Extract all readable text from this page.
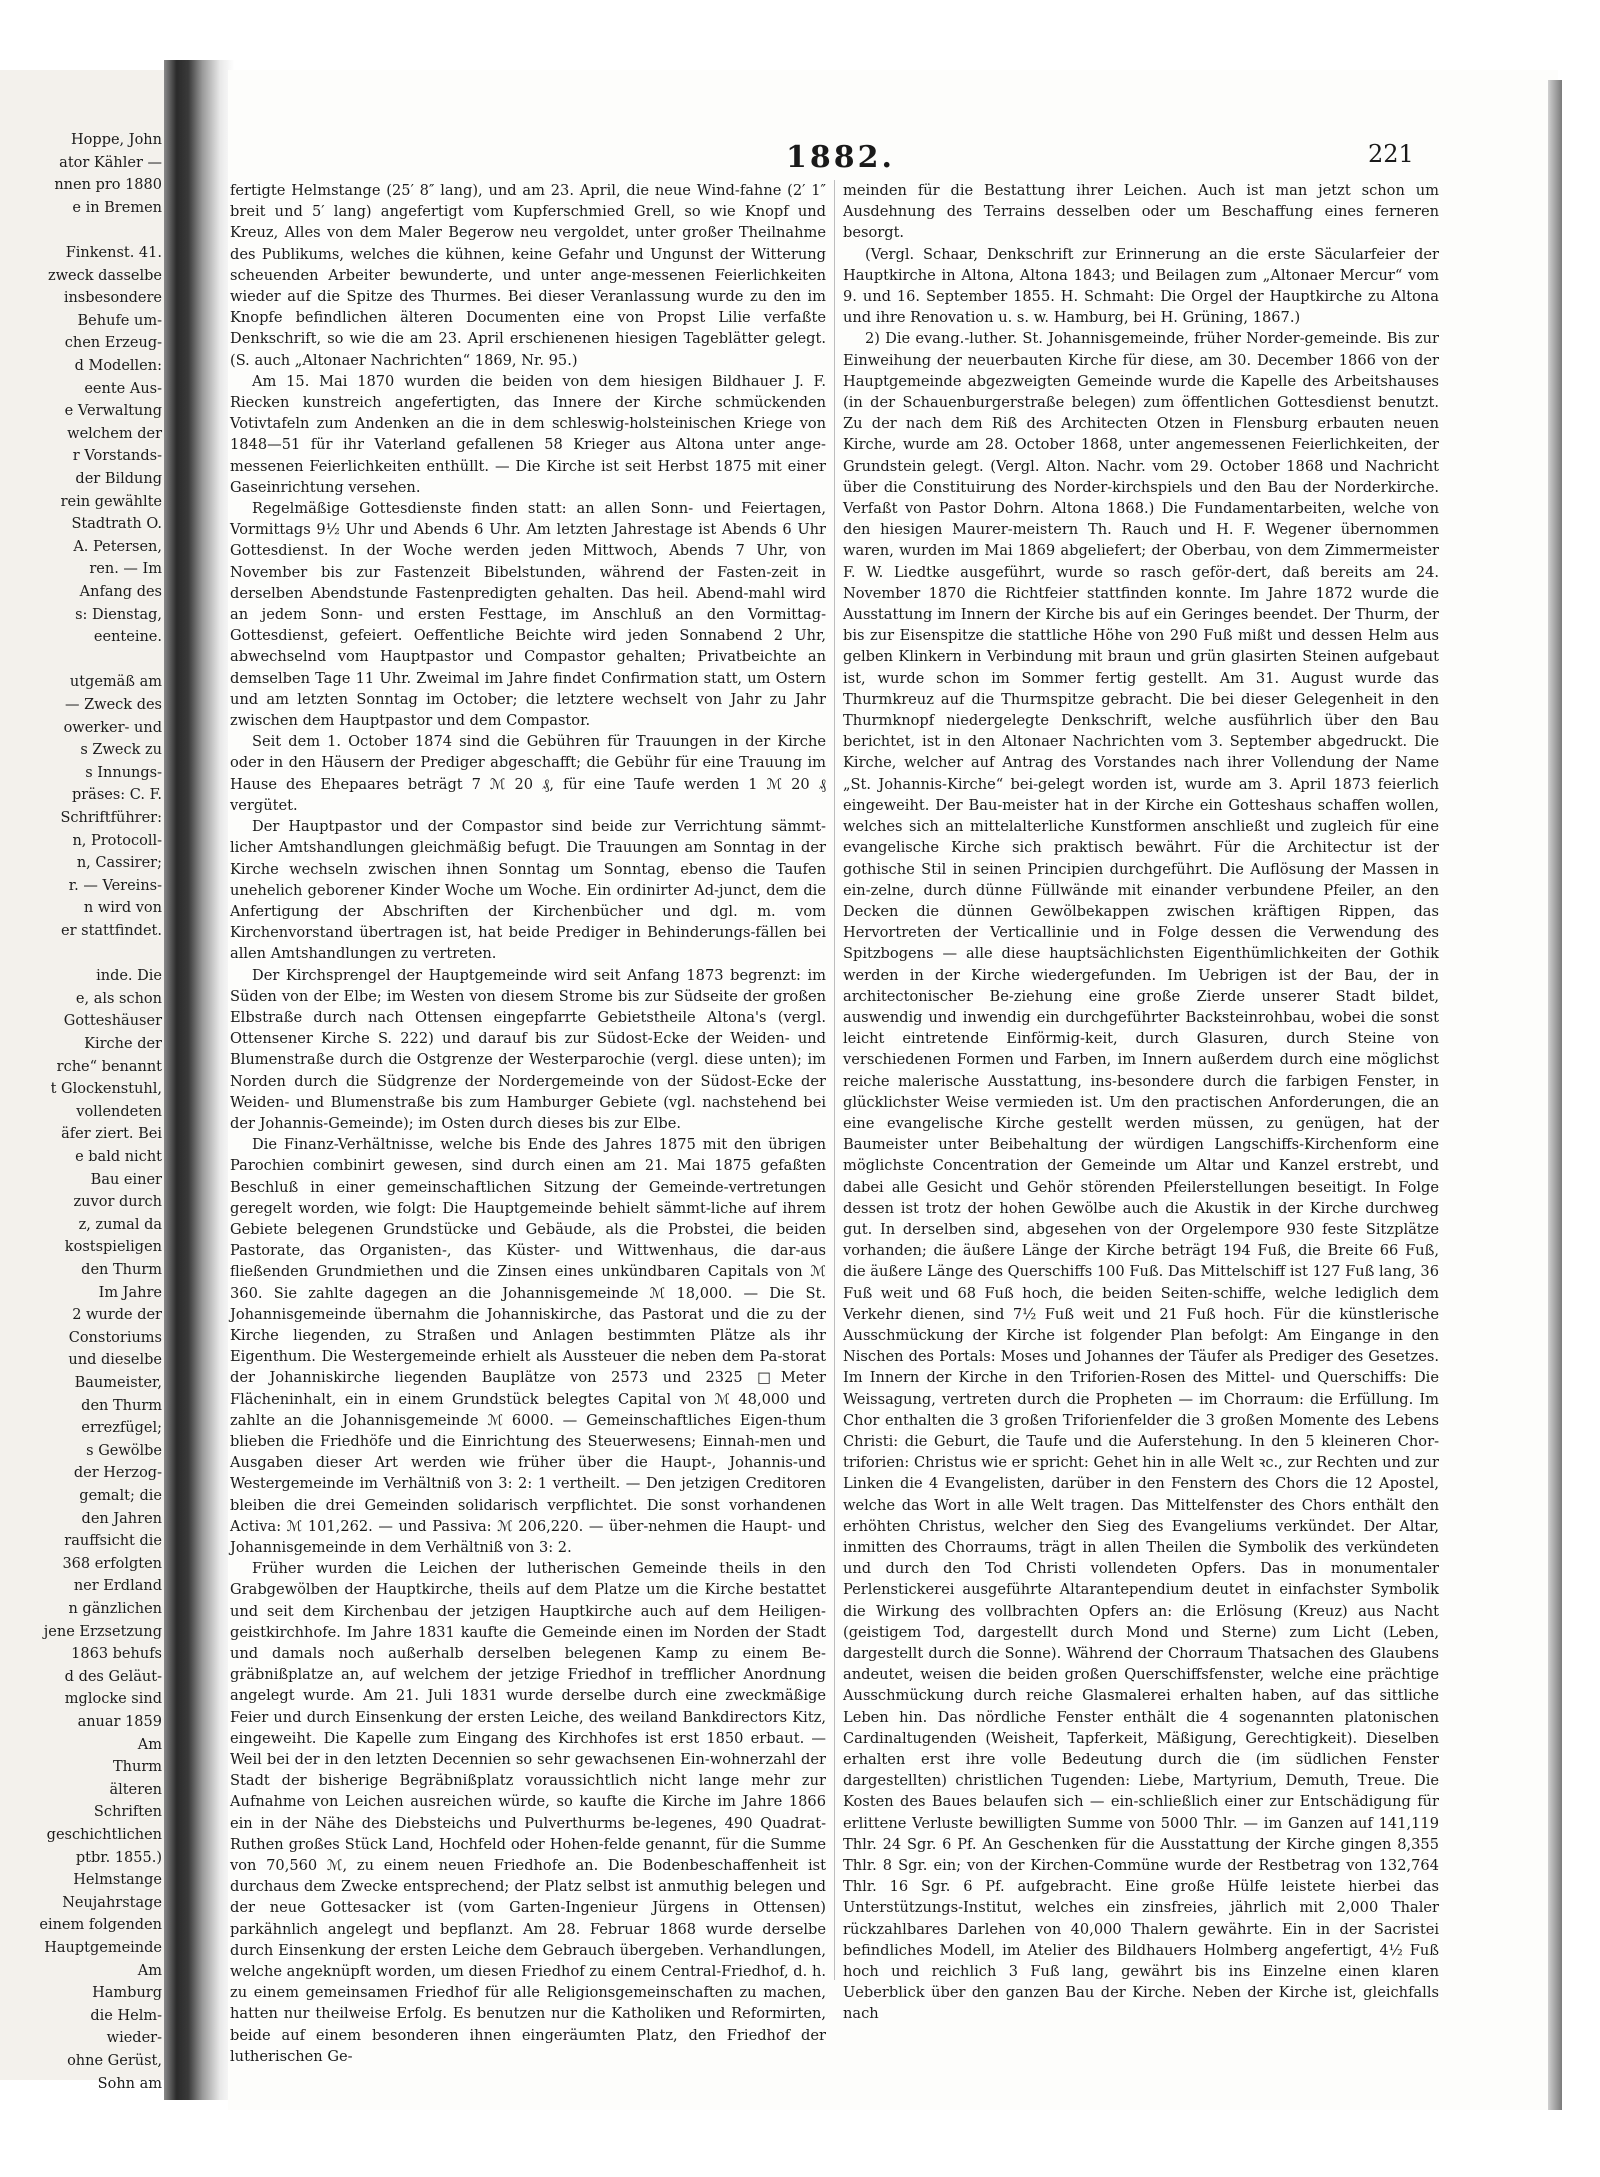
Hoppe, John
ator Kähler —
nnen pro 1880
e in Bremen
Finkenst. 41.
zweck dasselbe
insbesondere
Behufe um-
chen Erzeug-
d Modellen:
eente Aus-
e Verwaltung
welchem der
r Vorstands-
der Bildung
rein gewählte
Stadtrath O.
A. Petersen,
ren. — Im
Anfang des
s: Dienstag,
eenteine.
utgemäß am
— Zweck des
owerker- und
s Zweck zu
s Innungs-
präses: C. F.
Schriftführer:
n, Protocoll-
n, Cassirer;
r. — Vereins-
n wird von
er stattfindet.
inde. Die
e, als schon
Gotteshäuser
Kirche der
rche“ benannt
t Glockenstuhl,
vollendeten
äfer ziert. Bei
e bald nicht
Bau einer
zuvor durch
z, zumal da
kostspieligen
den Thurm
Im Jahre
2 wurde der
Constoriums
und dieselbe
Baumeister,
den Thurm
errezfügel;
s Gewölbe
der Herzog-
gemalt; die
den Jahren
rauffsicht die
368 erfolgten
ner Erdland
n gänzlichen
jene Erzsetzung
1863 behufs
d des Geläut-
mglocke sind
anuar 1859
Am
Thurm
älteren
Schriften
geschichtlichen
ptbr. 1855.)
Helmstange
Neujahrstage
einem folgenden
Hauptgemeinde
Am
Hamburg
die Helm-
wieder-
ohne Gerüst,
Sohn am
1882.	221

fertigte Helmstange (25′ 8″ lang), und am 23. April, die neue Wind-fahne (2′ 1″ breit und 5′ lang) angefertigt vom Kupferschmied Grell, so wie Knopf und Kreuz, Alles von dem Maler Begerow neu vergoldet, unter großer Theilnahme des Publikums, welches die kühnen, keine Gefahr und Ungunst der Witterung scheuenden Arbeiter bewunderte, und unter ange-messenen Feierlichkeiten wieder auf die Spitze des Thurmes. Bei dieser Veranlassung wurde zu den im Knopfe befindlichen älteren Documenten eine von Propst Lilie verfaßte Denkschrift, so wie die am 23. April erschienenen hiesigen Tageblätter gelegt. (S. auch „Altonaer Nachrichten“ 1869, Nr. 95.)

Am 15. Mai 1870 wurden die beiden von dem hiesigen Bildhauer J. F. Riecken kunstreich angefertigten, das Innere der Kirche schmückenden Votivtafeln zum Andenken an die in dem schleswig-holsteinischen Kriege von 1848—51 für ihr Vaterland gefallenen 58 Krieger aus Altona unter ange-messenen Feierlichkeiten enthüllt. — Die Kirche ist seit Herbst 1875 mit einer Gaseinrichtung versehen.

Regelmäßige Gottesdienste finden statt: an allen Sonn- und Feiertagen, Vormittags 9½ Uhr und Abends 6 Uhr. Am letzten Jahrestage ist Abends 6 Uhr Gottesdienst. In der Woche werden jeden Mittwoch, Abends 7 Uhr, von November bis zur Fastenzeit Bibelstunden, während der Fasten-zeit in derselben Abendstunde Fastenpredigten gehalten. Das heil. Abend-mahl wird an jedem Sonn- und ersten Festtage, im Anschluß an den Vormittag-Gottesdienst, gefeiert. Oeffentliche Beichte wird jeden Sonnabend 2 Uhr, abwechselnd vom Hauptpastor und Compastor gehalten; Privatbeichte an demselben Tage 11 Uhr. Zweimal im Jahre findet Confirmation statt, um Ostern und am letzten Sonntag im October; die letztere wechselt von Jahr zu Jahr zwischen dem Hauptpastor und dem Compastor.

Seit dem 1. October 1874 sind die Gebühren für Trauungen in der Kirche oder in den Häusern der Prediger abgeschafft; die Gebühr für eine Trauung im Hause des Ehepaares beträgt 7 ℳ 20 ₰, für eine Taufe werden 1 ℳ 20 ₰ vergütet.

Der Hauptpastor und der Compastor sind beide zur Verrichtung sämmt-licher Amtshandlungen gleichmäßig befugt. Die Trauungen am Sonntag in der Kirche wechseln zwischen ihnen Sonntag um Sonntag, ebenso die Taufen unehelich geborener Kinder Woche um Woche. Ein ordinirter Ad-junct, dem die Anfertigung der Abschriften der Kirchenbücher und dgl. m. vom Kirchenvorstand übertragen ist, hat beide Prediger in Behinderungs-fällen bei allen Amtshandlungen zu vertreten.

Der Kirchsprengel der Hauptgemeinde wird seit Anfang 1873 begrenzt: im Süden von der Elbe; im Westen von diesem Strome bis zur Südseite der großen Elbstraße durch nach Ottensen eingepfarrte Gebietstheile Altona's (vergl. Ottensener Kirche S. 222) und darauf bis zur Südost-Ecke der Weiden- und Blumenstraße durch die Ostgrenze der Westerparochie (vergl. diese unten); im Norden durch die Südgrenze der Nordergemeinde von der Südost-Ecke der Weiden- und Blumenstraße bis zum Hamburger Gebiete (vgl. nachstehend bei der Johannis-Gemeinde); im Osten durch dieses bis zur Elbe.

Die Finanz-Verhältnisse, welche bis Ende des Jahres 1875 mit den übrigen Parochien combinirt gewesen, sind durch einen am 21. Mai 1875 gefaßten Beschluß in einer gemeinschaftlichen Sitzung der Gemeinde-vertretungen geregelt worden, wie folgt: Die Hauptgemeinde behielt sämmt-liche auf ihrem Gebiete belegenen Grundstücke und Gebäude, als die Probstei, die beiden Pastorate, das Organisten-, das Küster- und Wittwenhaus, die dar-aus fließenden Grundmiethen und die Zinsen eines unkündbaren Capitals von ℳ 360. Sie zahlte dagegen an die Johannisgemeinde ℳ 18,000. — Die St. Johannisgemeinde übernahm die Johanniskirche, das Pastorat und die zu der Kirche liegenden, zu Straßen und Anlagen bestimmten Plätze als ihr Eigenthum. Die Westergemeinde erhielt als Aussteuer die neben dem Pa-storat der Johanniskirche liegenden Bauplätze von 2573 und 2325 □Meter Flächeninhalt, ein in einem Grundstück belegtes Capital von ℳ 48,000 und zahlte an die Johannisgemeinde ℳ 6000. — Gemeinschaftliches Eigen-thum blieben die Friedhöfe und die Einrichtung des Steuerwesens; Einnah-men und Ausgaben dieser Art werden wie früher über die Haupt-, Johannis-und Westergemeinde im Verhältniß von 3: 2: 1 vertheilt. — Den jetzigen Creditoren bleiben die drei Gemeinden solidarisch verpflichtet. Die sonst vorhandenen Activa: ℳ 101,262. — und Passiva: ℳ 206,220. — über-nehmen die Haupt- und Johannisgemeinde in dem Verhältniß von 3: 2.

Früher wurden die Leichen der lutherischen Gemeinde theils in den Grabgewölben der Hauptkirche, theils auf dem Platze um die Kirche bestattet und seit dem Kirchenbau der jetzigen Hauptkirche auch auf dem Heiligen-geistkirchhofe. Im Jahre 1831 kaufte die Gemeinde einen im Norden der Stadt und damals noch außerhalb derselben belegenen Kamp zu einem Be-gräbnißplatze an, auf welchem der jetzige Friedhof in trefflicher Anordnung angelegt wurde. Am 21. Juli 1831 wurde derselbe durch eine zweckmäßige Feier und durch Einsenkung der ersten Leiche, des weiland Bankdirectors Kitz, eingeweiht. Die Kapelle zum Eingang des Kirchhofes ist erst 1850 erbaut. — Weil bei der in den letzten Decennien so sehr gewachsenen Ein-wohnerzahl der Stadt der bisherige Begräbnißplatz voraussichtlich nicht lange mehr zur Aufnahme von Leichen ausreichen würde, so kaufte die Kirche im Jahre 1866 ein in der Nähe des Diebsteichs und Pulverthurms be-legenes, 490 Quadrat-Ruthen großes Stück Land, Hochfeld oder Hohen-felde genannt, für die Summe von 70,560 ℳ, zu einem neuen Friedhofe an. Die Bodenbeschaffenheit ist durchaus dem Zwecke entsprechend; der Platz selbst ist anmuthig belegen und der neue Gottesacker ist (vom Garten-Ingenieur Jürgens in Ottensen) parkähnlich angelegt und bepflanzt. Am 28. Februar 1868 wurde derselbe durch Einsenkung der ersten Leiche dem Gebrauch übergeben. Verhandlungen, welche angeknüpft worden, um diesen Friedhof zu einem Central-Friedhof, d. h. zu einem gemeinsamen Friedhof für alle Religionsgemeinschaften zu machen, hatten nur theilweise Erfolg. Es benutzen nur die Katholiken und Reformirten, beide auf einem besonderen ihnen eingeräumten Platz, den Friedhof der lutherischen Ge-

meinden für die Bestattung ihrer Leichen. Auch ist man jetzt schon um Ausdehnung des Terrains desselben oder um Beschaffung eines ferneren besorgt.

(Vergl. Schaar, Denkschrift zur Erinnerung an die erste Säcularfeier der Hauptkirche in Altona, Altona 1843; und Beilagen zum „Altonaer Mercur“ vom 9. und 16. September 1855. H. Schmaht: Die Orgel der Hauptkirche zu Altona und ihre Renovation u. s. w. Hamburg, bei H. Grüning, 1867.)

2) Die evang.-luther. St. Johannisgemeinde, früher Norder-gemeinde. Bis zur Einweihung der neuerbauten Kirche für diese, am 30. December 1866 von der Hauptgemeinde abgezweigten Gemeinde wurde die Kapelle des Arbeitshauses (in der Schauenburgerstraße belegen) zum öffentlichen Gottesdienst benutzt. Zu der nach dem Riß des Architecten Otzen in Flensburg erbauten neuen Kirche, wurde am 28. October 1868, unter angemessenen Feierlichkeiten, der Grundstein gelegt. (Vergl. Alton. Nachr. vom 29. October 1868 und Nachricht über die Constituirung des Norder-kirchspiels und den Bau der Norderkirche. Verfaßt von Pastor Dohrn. Altona 1868.) Die Fundamentarbeiten, welche von den hiesigen Maurer-meistern Th. Rauch und H. F. Wegener übernommen waren, wurden im Mai 1869 abgeliefert; der Oberbau, von dem Zimmermeister F. W. Liedtke ausgeführt, wurde so rasch geför-dert, daß bereits am 24. November 1870 die Richtfeier stattfinden konnte. Im Jahre 1872 wurde die Ausstattung im Innern der Kirche bis auf ein Geringes beendet. Der Thurm, der bis zur Eisenspitze die stattliche Höhe von 290 Fuß mißt und dessen Helm aus gelben Klinkern in Verbindung mit braun und grün glasirten Steinen aufgebaut ist, wurde schon im Sommer fertig gestellt. Am 31. August wurde das Thurmkreuz auf die Thurmspitze gebracht. Die bei dieser Gelegenheit in den Thurmknopf niedergelegte Denkschrift, welche ausführlich über den Bau berichtet, ist in den Altonaer Nachrichten vom 3. September abgedruckt. Die Kirche, welcher auf Antrag des Vorstandes nach ihrer Vollendung der Name „St. Johannis-Kirche“ bei-gelegt worden ist, wurde am 3. April 1873 feierlich eingeweiht. Der Bau-meister hat in der Kirche ein Gotteshaus schaffen wollen, welches sich an mittelalterliche Kunstformen anschließt und zugleich für eine evangelische Kirche sich praktisch bewährt. Für die Architectur ist der gothische Stil in seinen Principien durchgeführt. Die Auflösung der Massen in ein-zelne, durch dünne Füllwände mit einander verbundene Pfeiler, an den Decken die dünnen Gewölbekappen zwischen kräftigen Rippen, das Hervortreten der Verticallinie und in Folge dessen die Verwendung des Spitzbogens — alle diese hauptsächlichsten Eigenthümlichkeiten der Gothik werden in der Kirche wiedergefunden. Im Uebrigen ist der Bau, der in architectonischer Be-ziehung eine große Zierde unserer Stadt bildet, auswendig und inwendig ein durchgeführter Backsteinrohbau, wobei die sonst leicht eintretende Einförmig-keit, durch Glasuren, durch Steine von verschiedenen Formen und Farben, im Innern außerdem durch eine möglichst reiche malerische Ausstattung, ins-besondere durch die farbigen Fenster, in glücklichster Weise vermieden ist. Um den practischen Anforderungen, die an eine evangelische Kirche gestellt werden müssen, zu genügen, hat der Baumeister unter Beibehaltung der würdigen Langschiffs-Kirchenform eine möglichste Concentration der Gemeinde um Altar und Kanzel erstrebt, und dabei alle Gesicht und Gehör störenden Pfeilerstellungen beseitigt. In Folge dessen ist trotz der hohen Gewölbe auch die Akustik in der Kirche durchweg gut. In derselben sind, abgesehen von der Orgelempore 930 feste Sitzplätze vorhanden; die äußere Länge der Kirche beträgt 194 Fuß, die Breite 66 Fuß, die äußere Länge des Querschiffs 100 Fuß. Das Mittelschiff ist 127 Fuß lang, 36 Fuß weit und 68 Fuß hoch, die beiden Seiten-schiffe, welche lediglich dem Verkehr dienen, sind 7½ Fuß weit und 21 Fuß hoch. Für die künstlerische Ausschmückung der Kirche ist folgender Plan befolgt: Am Eingange in den Nischen des Portals: Moses und Johannes der Täufer als Prediger des Gesetzes. Im Innern der Kirche in den Triforien-Rosen des Mittel- und Querschiffs: Die Weissagung, vertreten durch die Propheten — im Chorraum: die Erfüllung. Im Chor enthalten die 3 großen Triforienfelder die 3 großen Momente des Lebens Christi: die Geburt, die Taufe und die Auferstehung. In den 5 kleineren Chor-triforien: Christus wie er spricht: Gehet hin in alle Welt ꝛc., zur Rechten und zur Linken die 4 Evangelisten, darüber in den Fenstern des Chors die 12 Apostel, welche das Wort in alle Welt tragen. Das Mittelfenster des Chors enthält den erhöhten Christus, welcher den Sieg des Evangeliums verkündet. Der Altar, inmitten des Chorraums, trägt in allen Theilen die Symbolik des verkündeten und durch den Tod Christi vollendeten Opfers. Das in monumentaler Perlenstickerei ausgeführte Altarantependium deutet in einfachster Symbolik die Wirkung des vollbrachten Opfers an: die Erlösung (Kreuz) aus Nacht (geistigem Tod, dargestellt durch Mond und Sterne) zum Licht (Leben, dargestellt durch die Sonne). Während der Chorraum Thatsachen des Glaubens andeutet, weisen die beiden großen Querschiffsfenster, welche eine prächtige Ausschmückung durch reiche Glasmalerei erhalten haben, auf das sittliche Leben hin. Das nördliche Fenster enthält die 4 sogenannten platonischen Cardinaltugenden (Weisheit, Tapferkeit, Mäßigung, Gerechtigkeit). Dieselben erhalten erst ihre volle Bedeutung durch die (im südlichen Fenster dargestellten) christlichen Tugenden: Liebe, Martyrium, Demuth, Treue. Die Kosten des Baues belaufen sich — ein-schließlich einer zur Entschädigung für erlittene Verluste bewilligten Summe von 5000 Thlr. — im Ganzen auf 141,119 Thlr. 24 Sgr. 6 Pf. An Geschenken für die Ausstattung der Kirche gingen 8,355 Thlr. 8 Sgr. ein; von der Kirchen-Commüne wurde der Restbetrag von 132,764 Thlr. 16 Sgr. 6 Pf. aufgebracht. Eine große Hülfe leistete hierbei das Unterstützungs-Institut, welches ein zinsfreies, jährlich mit 2,000 Thaler rückzahlbares Darlehen von 40,000 Thalern gewährte. Ein in der Sacristei befindliches Modell, im Atelier des Bildhauers Holmberg angefertigt, 4½ Fuß hoch und reichlich 3 Fuß lang, gewährt bis ins Einzelne einen klaren Ueberblick über den ganzen Bau der Kirche. Neben der Kirche ist, gleichfalls nach
